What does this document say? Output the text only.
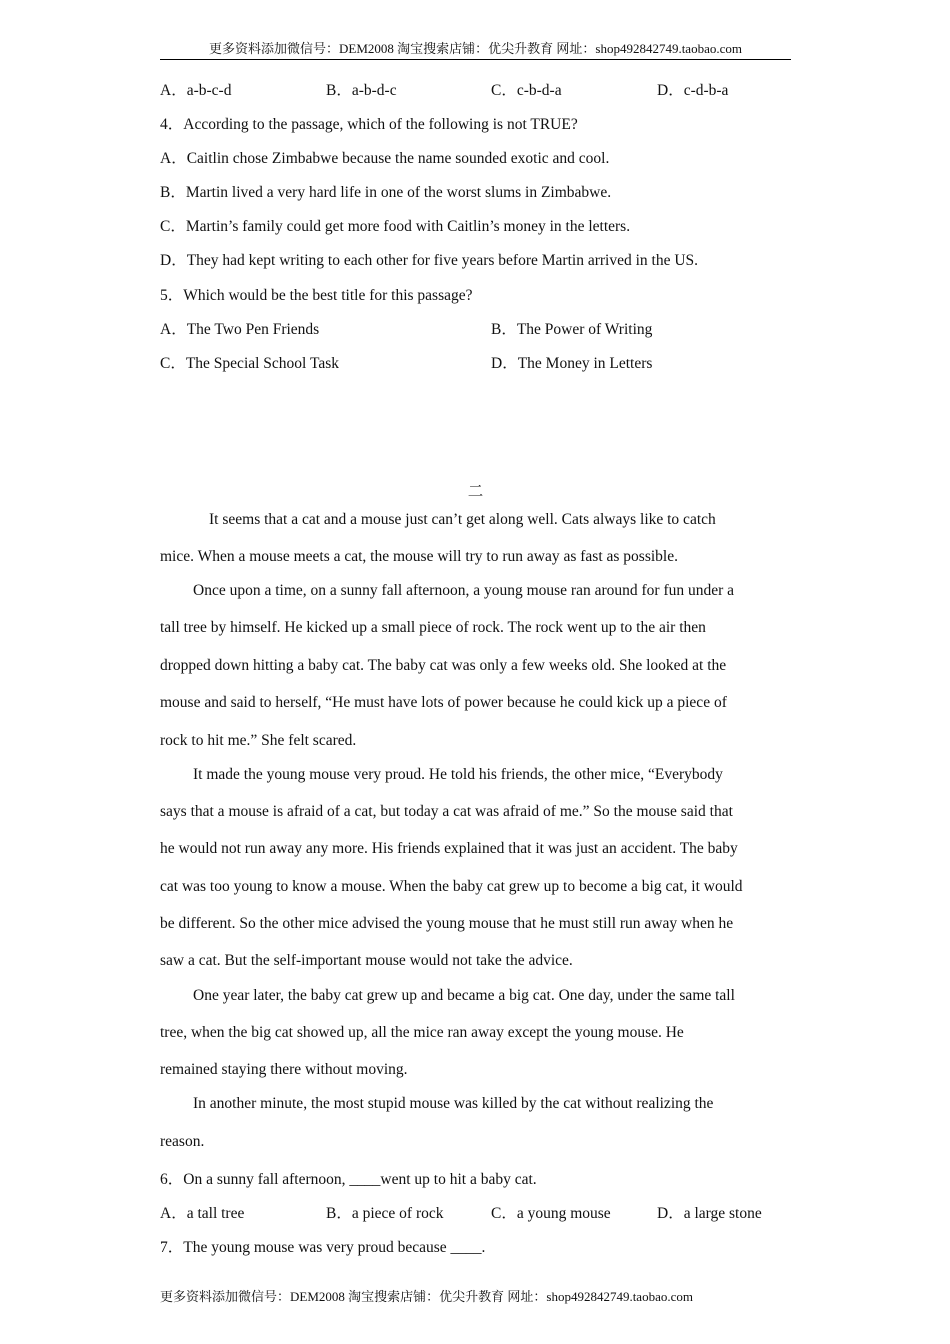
更多资料添加微信号：DEM2008 淘宝搜索店铺：优尖升教育 网址：shop492842749.taobao.com
A．a-b-c-d	B．a-b-d-c	C．c-b-d-a	D．c-d-b-a
4．According to the passage, which of the following is not TRUE?
A．Caitlin chose Zimbabwe because the name sounded exotic and cool.
B．Martin lived a very hard life in one of the worst slums in Zimbabwe.
C．Martin’s family could get more food with Caitlin’s money in the letters.
D．They had kept writing to each other for five years before Martin arrived in the US.
5．Which would be the best title for this passage?
A．The Two Pen Friends	B．The Power of Writing
C．The Special School Task	D．The Money in Letters
二
It seems that a cat and a mouse just can’t get along well. Cats always like to catch
mice. When a mouse meets a cat, the mouse will try to run away as fast as possible.
Once upon a time, on a sunny fall afternoon, a young mouse ran around for fun under a
tall tree by himself. He kicked up a small piece of rock. The rock went up to the air then
dropped down hitting a baby cat. The baby cat was only a few weeks old. She looked at the
mouse and said to herself, “He must have lots of power because he could kick up a piece of
rock to hit me.” She felt scared.
It made the young mouse very proud. He told his friends, the other mice, “Everybody
says that a mouse is afraid of a cat, but today a cat was afraid of me.” So the mouse said that
he would not run away any more. His friends explained that it was just an accident. The baby
cat was too young to know a mouse. When the baby cat grew up to become a big cat, it would
be different. So the other mice advised the young mouse that he must still run away when he
saw a cat. But the self-important mouse would not take the advice.
One year later, the baby cat grew up and became a big cat. One day, under the same tall
tree, when the big cat showed up, all the mice ran away except the young mouse. He
remained staying there without moving.
In another minute, the most stupid mouse was killed by the cat without realizing the
reason.
6．On a sunny fall afternoon, ____went up to hit a baby cat.
A．a tall tree	B．a piece of rock	C．a young mouse	D．a large stone
7．The young mouse was very proud because ____.
更多资料添加微信号：DEM2008 淘宝搜索店铺：优尖升教育 网址：shop492842749.taobao.com
